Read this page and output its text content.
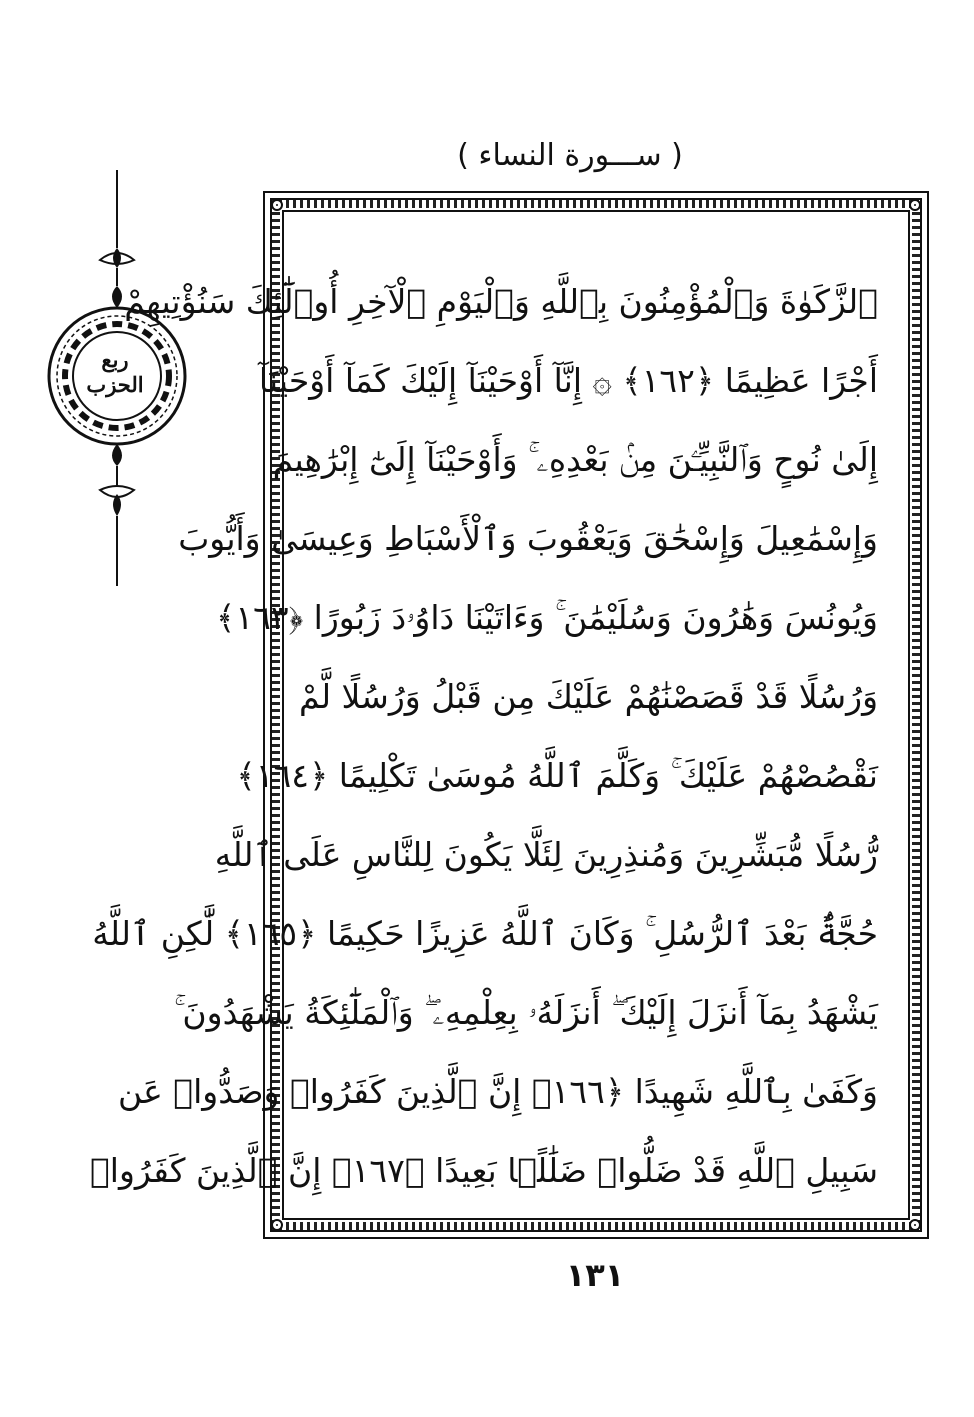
( ســـورة النساء )
ربع
الحزب
ٱلزَّكَوٰةَ وَٱلْمُؤْمِنُونَ بِٱللَّهِ وَٱلْيَوْمِ ٱلْآخِرِ أُو۟لَٰٓئِكَ سَنُؤْتِيهِمْ
أَجْرًا عَظِيمًا ﴿١٦٢﴾ ۞ إِنَّآ أَوْحَيْنَآ إِلَيْكَ كَمَآ أَوْحَيْنَآ
إِلَىٰ نُوحٍ وَٱلنَّبِيِّـۧنَ مِنۢ بَعْدِهِۦ ۚ وَأَوْحَيْنَآ إِلَىٰٓ إِبْرَٰهِيمَ
وَإِسْمَٰعِيلَ وَإِسْحَٰقَ وَيَعْقُوبَ وَٱلْأَسْبَاطِ وَعِيسَىٰ وَأَيُّوبَ
وَيُونُسَ وَهَٰرُونَ وَسُلَيْمَٰنَ ۚ وَءَاتَيْنَا دَاوُۥدَ زَبُورًا ﴿١٦٣﴾
وَرُسُلًا قَدْ قَصَصْنَٰهُمْ عَلَيْكَ مِن قَبْلُ وَرُسُلًا لَّمْ
نَقْصُصْهُمْ عَلَيْكَ ۚ وَكَلَّمَ ٱللَّهُ مُوسَىٰ تَكْلِيمًا ﴿١٦٤﴾
رُّسُلًا مُّبَشِّرِينَ وَمُنذِرِينَ لِئَلَّا يَكُونَ لِلنَّاسِ عَلَى ٱللَّهِ
حُجَّةٌۢ بَعْدَ ٱلرُّسُلِ ۚ وَكَانَ ٱللَّهُ عَزِيزًا حَكِيمًا ﴿١٦٥﴾ لَّٰكِنِ ٱللَّهُ
يَشْهَدُ بِمَآ أَنزَلَ إِلَيْكَ ۖ أَنزَلَهُۥ بِعِلْمِهِۦ ۖ وَٱلْمَلَٰٓئِكَةُ يَشْهَدُونَ ۚ
وَكَفَىٰ بِٱللَّهِ شَهِيدًا ﴿١٦٦﴾ إِنَّ ٱلَّذِينَ كَفَرُوا۟ وَصَدُّوا۟ عَن
سَبِيلِ ٱللَّهِ قَدْ ضَلُّوا۟ ضَلَٰلًۢا بَعِيدًا ﴿١٦٧﴾ إِنَّ ٱلَّذِينَ كَفَرُوا۟
١٣١
